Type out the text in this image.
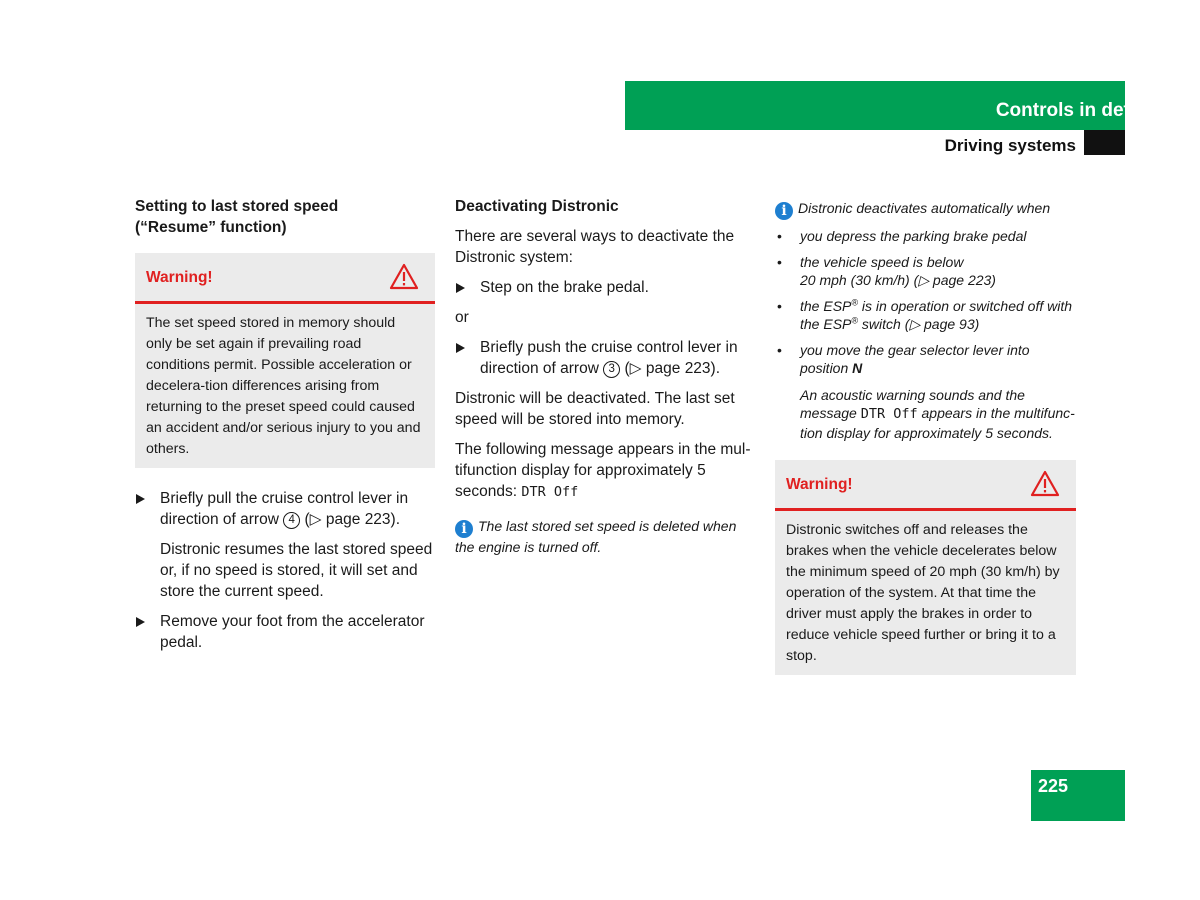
Controls in detail
Driving systems
Setting to last stored speed
(“Resume” function)
Warning!
The set speed stored in memory should only be set again if prevailing road conditions permit. Possible acceleration or decelera-tion differences arising from returning to the preset speed could caused an accident and/or serious injury to you and others.
Briefly pull the cruise control lever in direction of arrow 4 (▷ page 223).
Distronic resumes the last stored speed or, if no speed is stored, it will set and store the current speed.
Remove your foot from the accelerator pedal.
Deactivating Distronic
There are several ways to deactivate the Distronic system:
Step on the brake pedal.
or
Briefly push the cruise control lever in direction of arrow 3 (▷ page 223).
Distronic will be deactivated. The last set speed will be stored into memory.
The following message appears in the mul-tifunction display for approximately 5 seconds: DTR Off
i The last stored set speed is deleted when the engine is turned off.
i Distronic deactivates automatically when
• you depress the parking brake pedal
• the vehicle speed is below
20 mph (30 km/h) (▷ page 223)
• the ESP® is in operation or switched off with the ESP® switch (▷ page 93)
• you move the gear selector lever into position N
An acoustic warning sounds and the message DTR Off appears in the multifunc-tion display for approximately 5 seconds.
Warning!
Distronic switches off and releases the brakes when the vehicle decelerates below the minimum speed of 20 mph (30 km/h) by operation of the system. At that time the driver must apply the brakes in order to reduce vehicle speed further or bring it to a stop.
225
